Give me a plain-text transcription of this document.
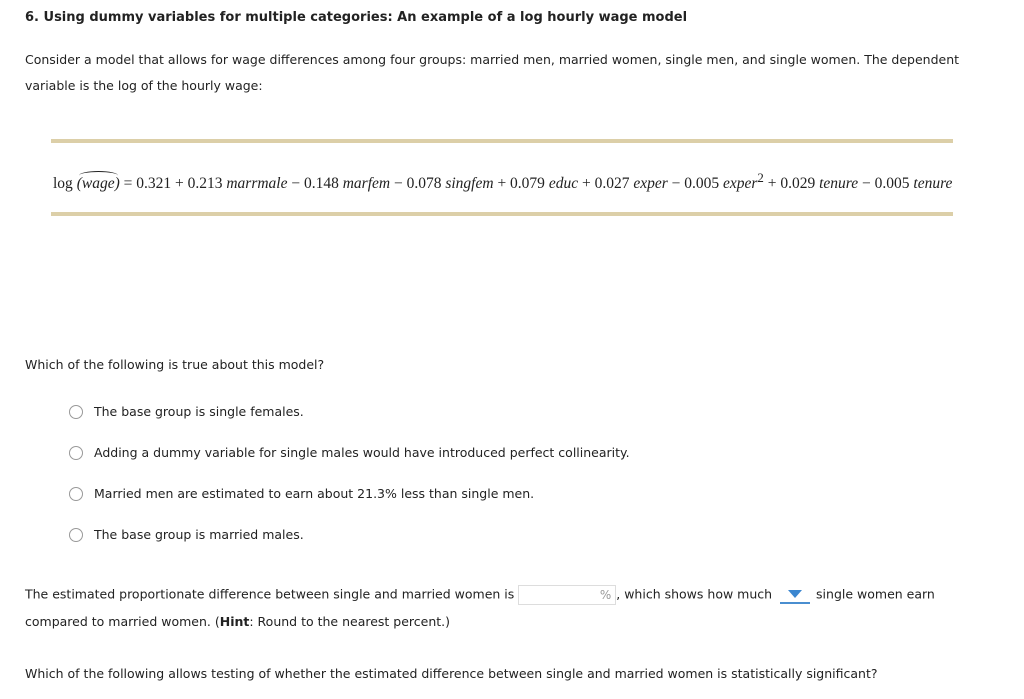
6. Using dummy variables for multiple categories: An example of a log hourly wage model
Consider a model that allows for wage differences among four groups: married men, married women, single men, and single women. The dependent
variable is the log of the hourly wage:
log (wage) = 0.321 + 0.213 marrmale − 0.148 marfem − 0.078 singfem + 0.079 educ + 0.027 exper − 0.005 exper$^2$ + 0.029 tenure − 0.005 tenure
Which of the following is true about this model?
The base group is single females.
Adding a dummy variable for single males would have introduced perfect collinearity.
Married men are estimated to earn about 21.3% less than single men.
The base group is married males.
The estimated proportionate difference between single and married women is	% , which shows how much	single women earn
compared to married women. (Hint: Round to the nearest percent.)
Which of the following allows testing of whether the estimated difference between single and married women is statistically significant?
